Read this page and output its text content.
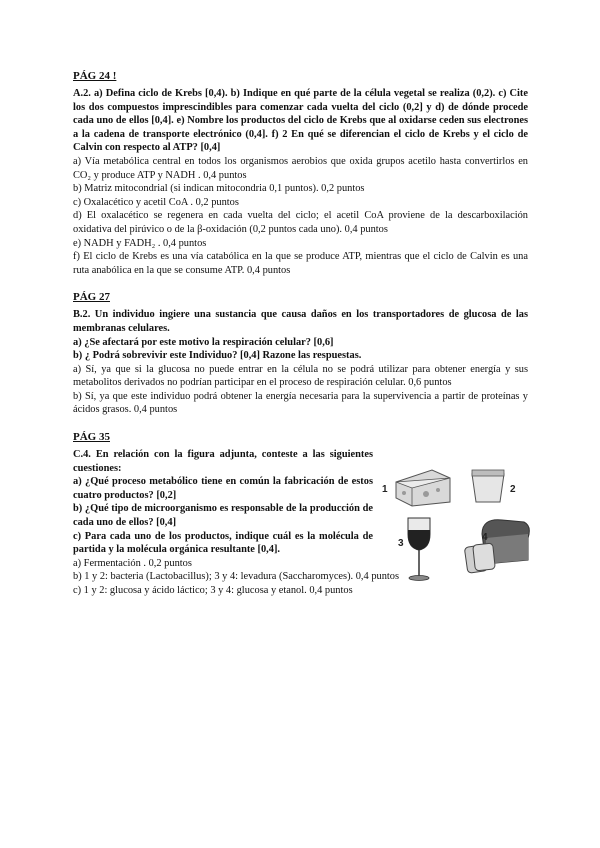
PÁG 24 !

A.2. a) Defina ciclo de Krebs [0,4). b) Indique en qué parte de la célula vegetal se realiza (0,2). c) Cite los dos compuestos imprescindibles para comenzar cada vuelta del ciclo (0,2] y d) de dónde procede cada uno de ellos [0,4]. e) Nombre los productos del ciclo de Krebs que al oxidarse ceden sus electrones a la cadena de transporte electrónico (0,4]. f) 2 En qué se diferencian el ciclo de Krebs y el ciclo de Calvin con respecto al ATP? [0,4]

a) Vía metabólica central en todos los organismos aerobios que oxida grupos acetilo hasta convertirlos en CO₂ y produce ATP y NADH . 0,4 puntos

b) Matriz mitocondrial (si indican mitocondria 0,1 puntos). 0,2 puntos

c) Oxalacético y acetil CoA . 0,2 puntos

d) El oxalacético se regenera en cada vuelta del ciclo; el acetil CoA proviene de la descarboxilación oxidativa del pirúvico o de la β-oxidación (0,2 puntos cada uno). 0,4 puntos

e) NADH y FADH₂ . 0,4 puntos

f) El ciclo de Krebs es una vía catabólica en la que se produce ATP, mientras que el ciclo de Calvin es una ruta anabólica en la que se consume ATP. 0,4 puntos

PÁG 27

B.2. Un individuo ingiere una sustancia que causa daños en los transportadores de glucosa de las membranas celulares.

a) ¿Se afectará por este motivo la respiración celular? [0,6]

b) ¿ Podrá sobrevivir este Individuo? [0,4] Razone las respuestas.

a) Sí, ya que si la glucosa no puede entrar en la célula no se podrá utilizar para obtener energía y sus metabolitos derivados no podrían participar en el proceso de respiración celular. 0,6 puntos

b) Sí, ya que este individuo podrá obtener la energía necesaria para la supervivencia a partir de proteínas y ácidos grasos. 0,4 puntos

PÁG 35

C.4. En relación con la figura adjunta, conteste a las siguientes cuestiones:

a) ¿Qué proceso metabólico tiene en común la fabricación de estos cuatro productos? [0,2]

b) ¿Qué tipo de microorganismo es responsable de la producción de cada uno de ellos? [0,4]

c) Para cada uno de los productos, indique cuál es la molécula de partida y la molécula orgánica resultante [0,4].

a) Fermentación . 0,2 puntos

b) 1 y 2: bacteria (Lactobacillus); 3 y 4: levadura (Saccharomyces). 0,4 puntos

c) 1 y 2: glucosa y ácido láctico; 3 y 4: glucosa y etanol. 0,4 puntos

1	2
3
4
